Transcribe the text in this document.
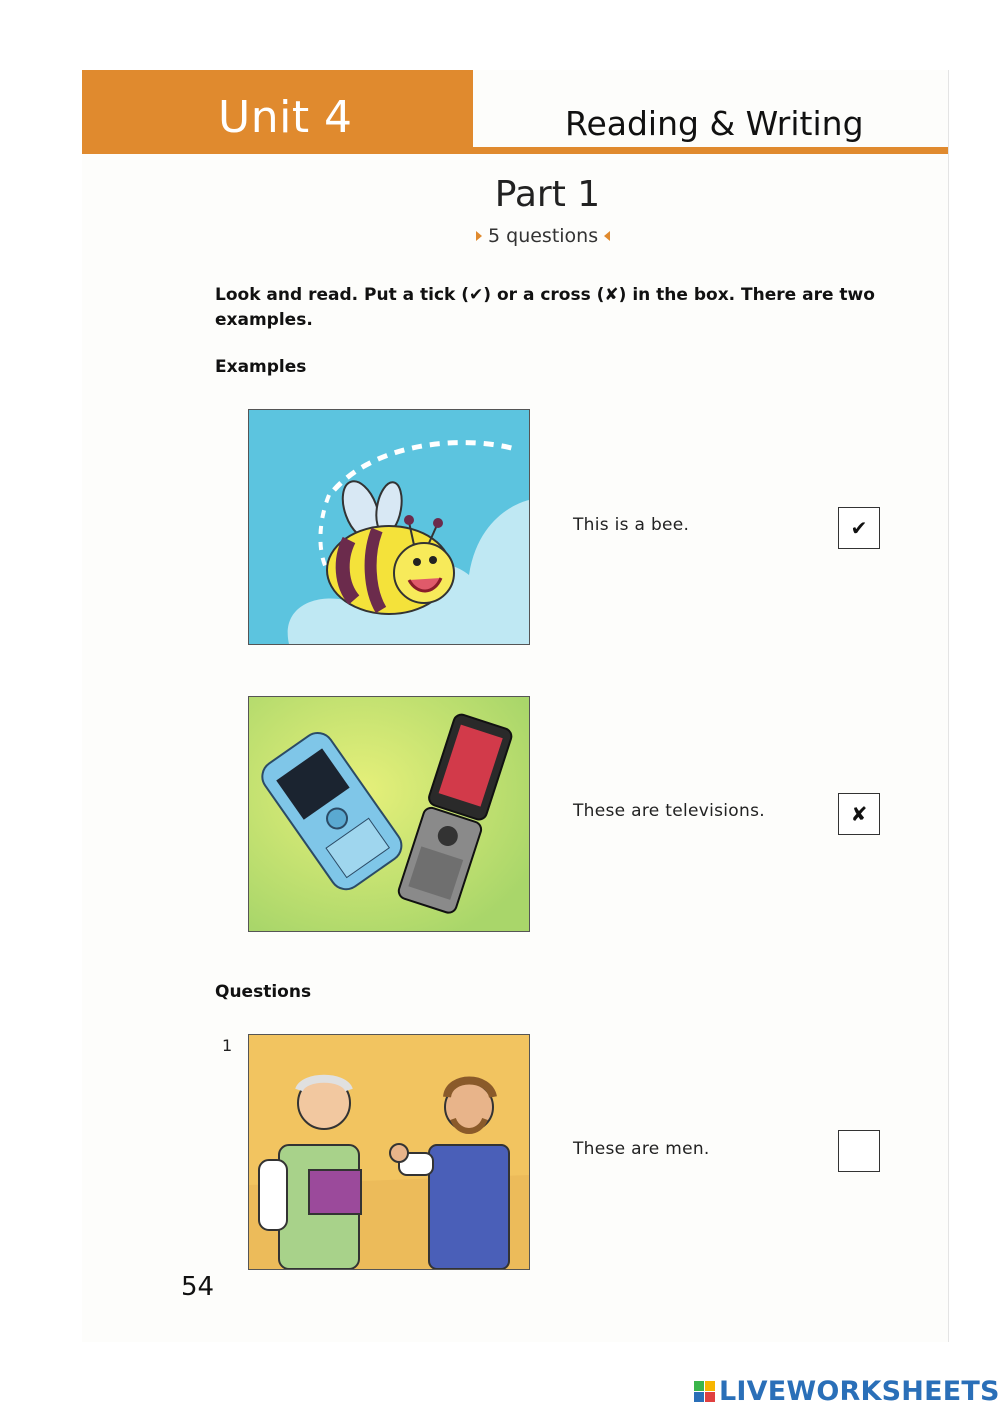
Unit 4	Reading & Writing
Part 1
5 questions
Look and read. Put a tick (✔) or a cross (✘) in the box. There are two examples.
Examples
This is a bee.	✔
These are televisions.	✘
Questions
1
These are men.
54
LIVEWORKSHEETS
